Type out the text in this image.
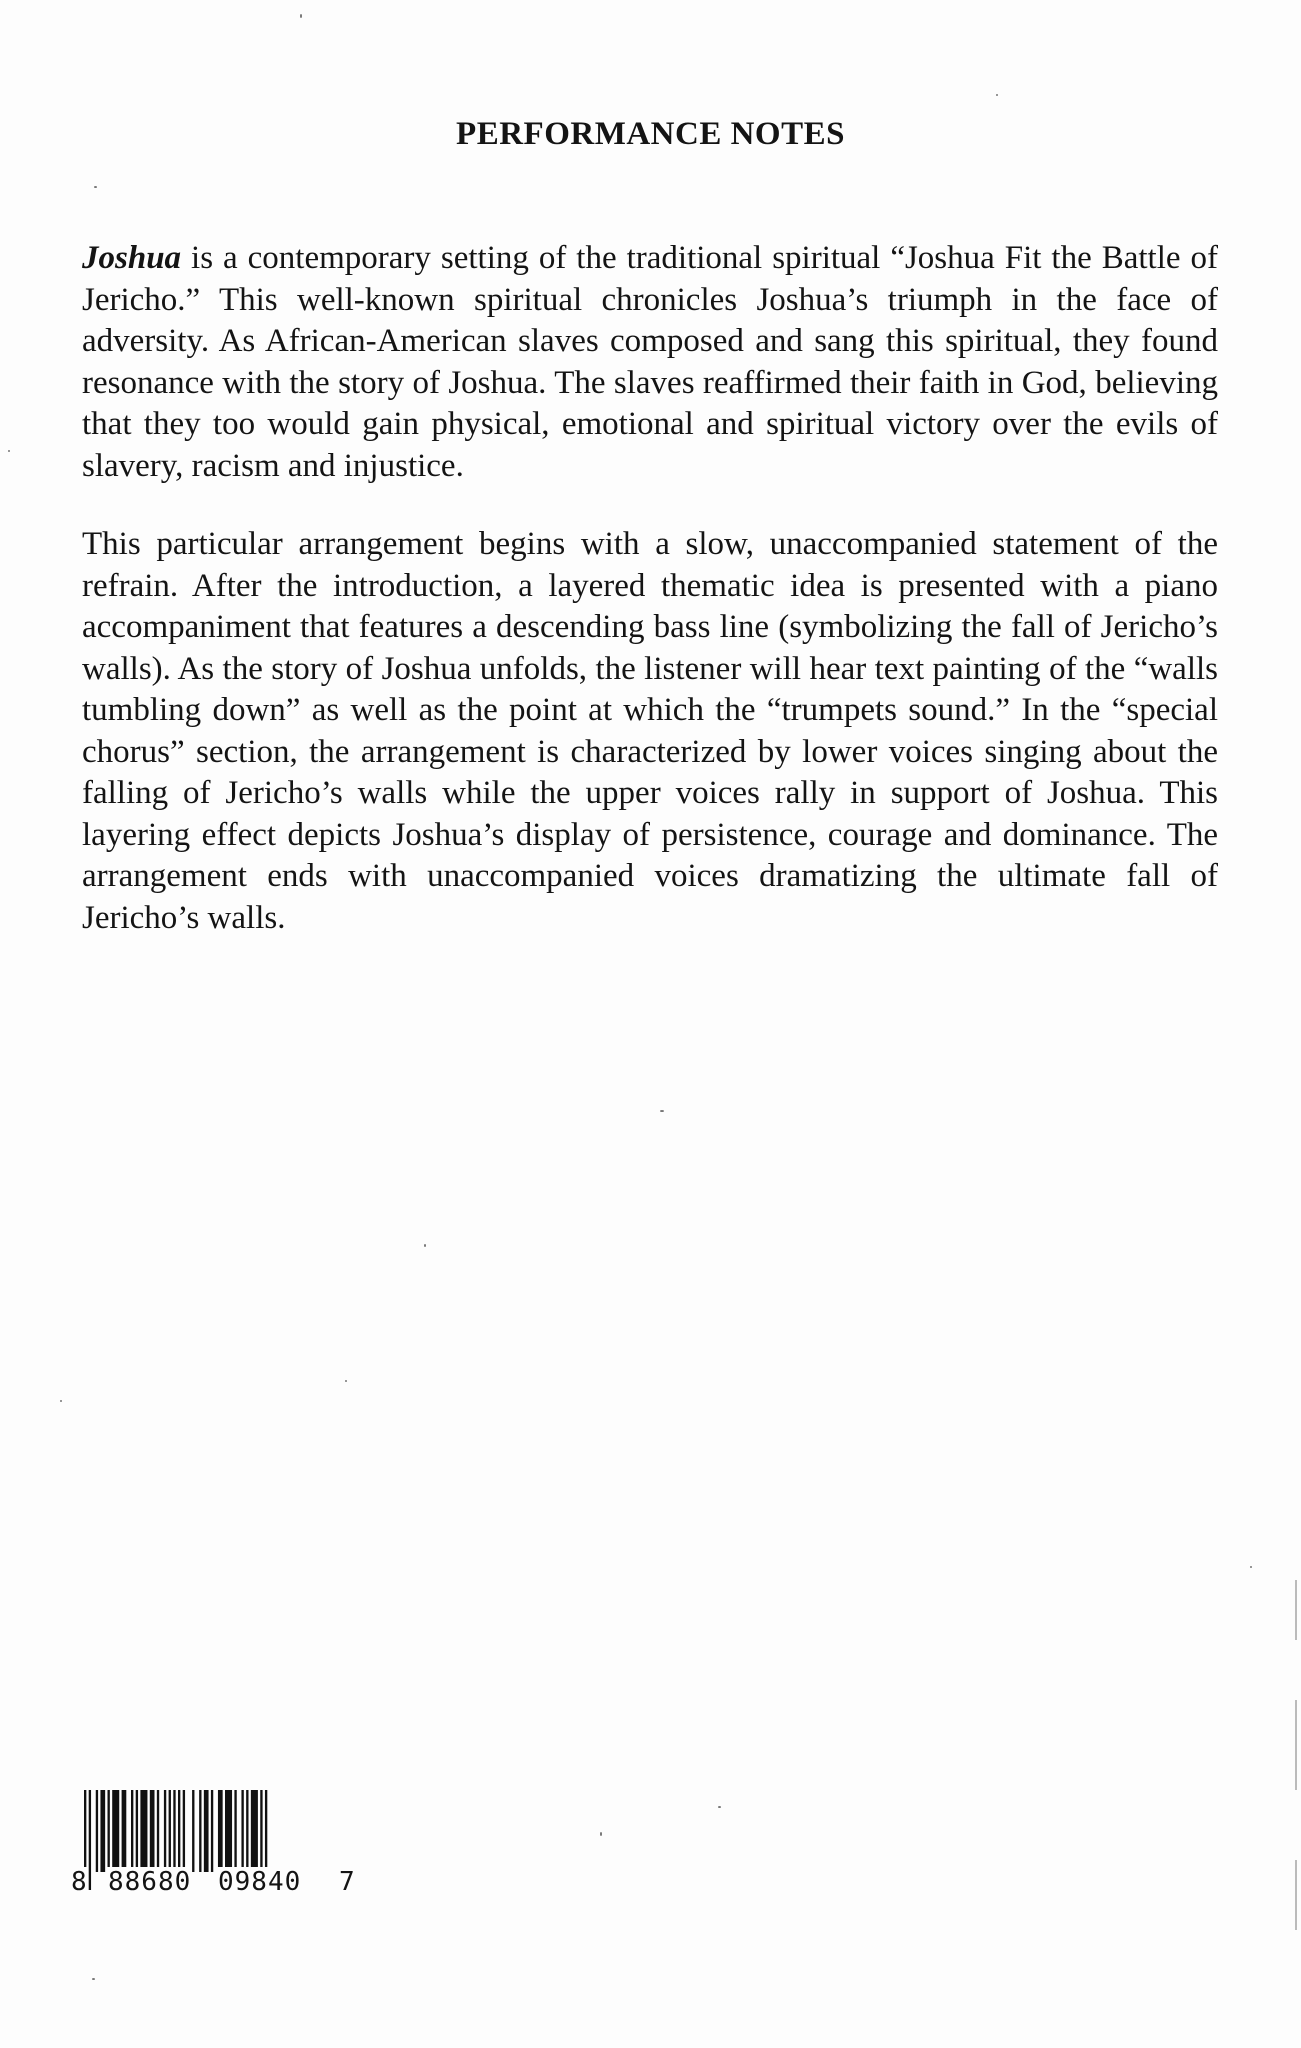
PERFORMANCE NOTES

Joshua is a contemporary setting of the traditional spiritual “Joshua Fit the Battle of Jericho.” This well-known spiritual chronicles Joshua’s triumph in the face of adversity. As African-American slaves composed and sang this spiritual, they found resonance with the story of Joshua. The slaves reaffirmed their faith in God, believing that they too would gain physical, emotional and spiritual victory over the evils of slavery, racism and injustice.

This particular arrangement begins with a slow, unaccompanied statement of the refrain. After the introduction, a layered thematic idea is presented with a piano accompaniment that features a descending bass line (symbolizing the fall of Jericho’s walls). As the story of Joshua unfolds, the listener will hear text painting of the “walls tumbling down” as well as the point at which the “trumpets sound.” In the “special chorus” section, the arrangement is characterized by lower voices singing about the falling of Jericho’s walls while the upper voices rally in support of Joshua. This layering effect depicts Joshua’s display of persistence, courage and dominance. The arrangement ends with unaccompanied voices dramatizing the ultimate fall of Jericho’s walls.

8 88680 09840 7
